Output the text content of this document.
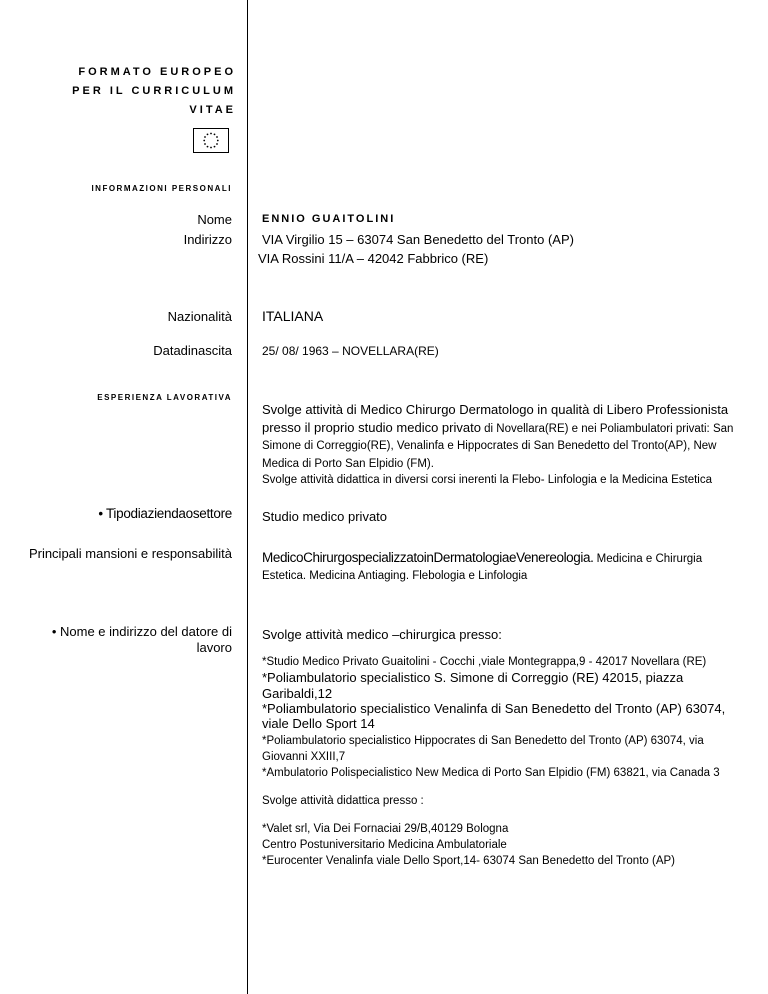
FORMATO EUROPEO
PER IL CURRICULUM
VITAE
INFORMAZIONI PERSONALI
Nome	ENNIO GUAITOLINI
Indirizzo VIA Virgilio 15 – 63074 San Benedetto del Tronto (AP)
VIA Rossini 11/A – 42042 Fabbrico (RE)
Nazionalità ITALIANA
Datadinascita	25/ 08/ 1963 – NOVELLARA(RE)
ESPERIENZA LAVORATIVA
Svolge attività di Medico Chirurgo Dermatologo in qualità di Libero Professionista
presso il proprio studio medico privato di Novellara(RE) e nei Poliambulatori privati: San
Simone di Correggio(RE), Venalinfa e Hippocrates di San Benedetto del Tronto(AP), New
Medica di Porto San Elpidio (FM).
Svolge attività didattica in diversi corsi inerenti la Flebo- Linfologia e la Medicina Estetica
• Tipodiaziendaosettore Studio medico privato
Principali mansioni e responsabilità MedicoChirurgospecializzatoinDermatologiaeVenereologia. Medicina e Chirurgia
Estetica. Medicina Antiaging. Flebologia e Linfologia
• Nome e indirizzo del datore di
lavoro
Svolge attività medico –chirurgica presso:
*Studio Medico Privato Guaitolini - Cocchi ,viale Montegrappa,9 - 42017 Novellara (RE)
*Poliambulatorio specialistico S. Simone di Correggio (RE) 42015, piazza
Garibaldi,12
*Poliambulatorio specialistico Venalinfa di San Benedetto del Tronto (AP) 63074,
viale Dello Sport 14
*Poliambulatorio specialistico Hippocrates di San Benedetto del Tronto (AP) 63074, via
Giovanni XXIII,7
*Ambulatorio Polispecialistico New Medica di Porto San Elpidio (FM) 63821, via Canada 3
Svolge attività didattica presso :
*Valet srl, Via Dei Fornaciai 29/B,40129 Bologna
Centro Postuniversitario Medicina Ambulatoriale
*Eurocenter Venalinfa viale Dello Sport,14- 63074 San Benedetto del Tronto (AP)
